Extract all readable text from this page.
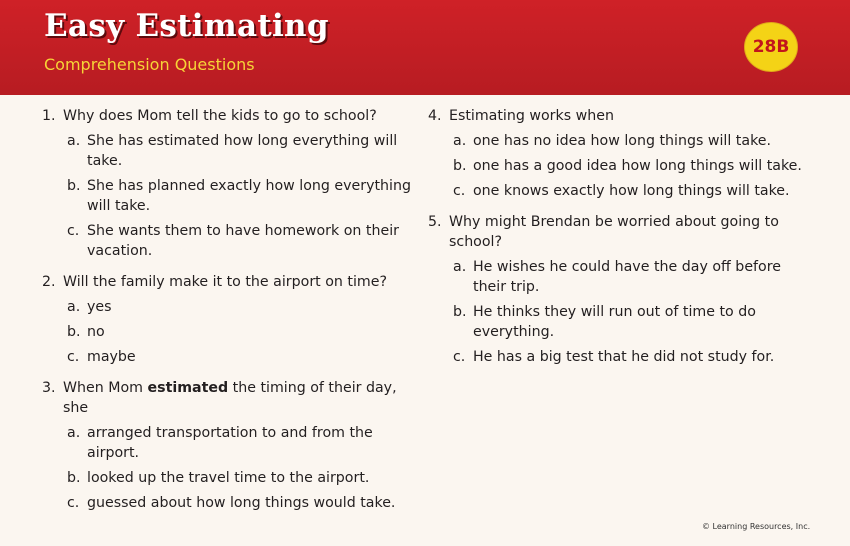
Easy Estimating
Comprehension Questions
28B
1. Why does Mom tell the kids to go to school?
a. She has estimated how long everything will take.
b. She has planned exactly how long everything will take.
c. She wants them to have homework on their vacation.
2. Will the family make it to the airport on time?
a. yes
b. no
c. maybe
3. When Mom estimated the timing of their day, she
a. arranged transportation to and from the airport.
b. looked up the travel time to the airport.
c. guessed about how long things would take.
4. Estimating works when
a. one has no idea how long things will take.
b. one has a good idea how long things will take.
c. one knows exactly how long things will take.
5. Why might Brendan be worried about going to school?
a. He wishes he could have the day off before their trip.
b. He thinks they will run out of time to do everything.
c. He has a big test that he did not study for.
© Learning Resources, Inc.
